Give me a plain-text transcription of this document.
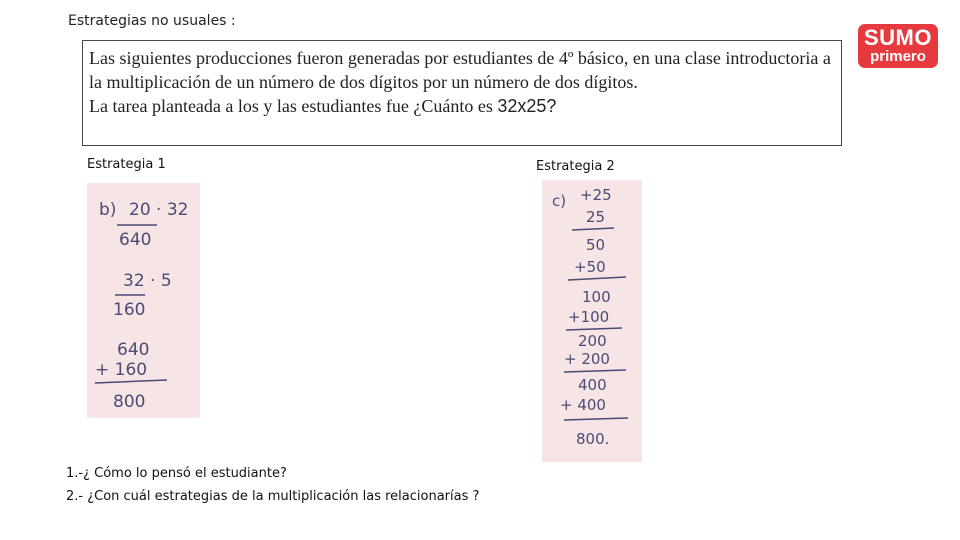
Estrategias no usuales :
SUMO
primero

Las siguientes producciones fueron generadas por estudiantes de 4º básico, en una clase introductoria a la multiplicación de un número de dos dígitos por un número de dos dígitos.

La tarea planteada a los y las estudiantes fue ¿Cuánto es 32x25?

Estrategia 1	Estrategia 2
b) 20 · 32
640
32 · 5
160
640
+ 160
800
c) +25
25
50
+50
100
+100
200
+ 200
400
+ 400
800.

1.-¿ Cómo lo pensó el estudiante?

2.- ¿Con cuál estrategias de la multiplicación las relacionarías ?
